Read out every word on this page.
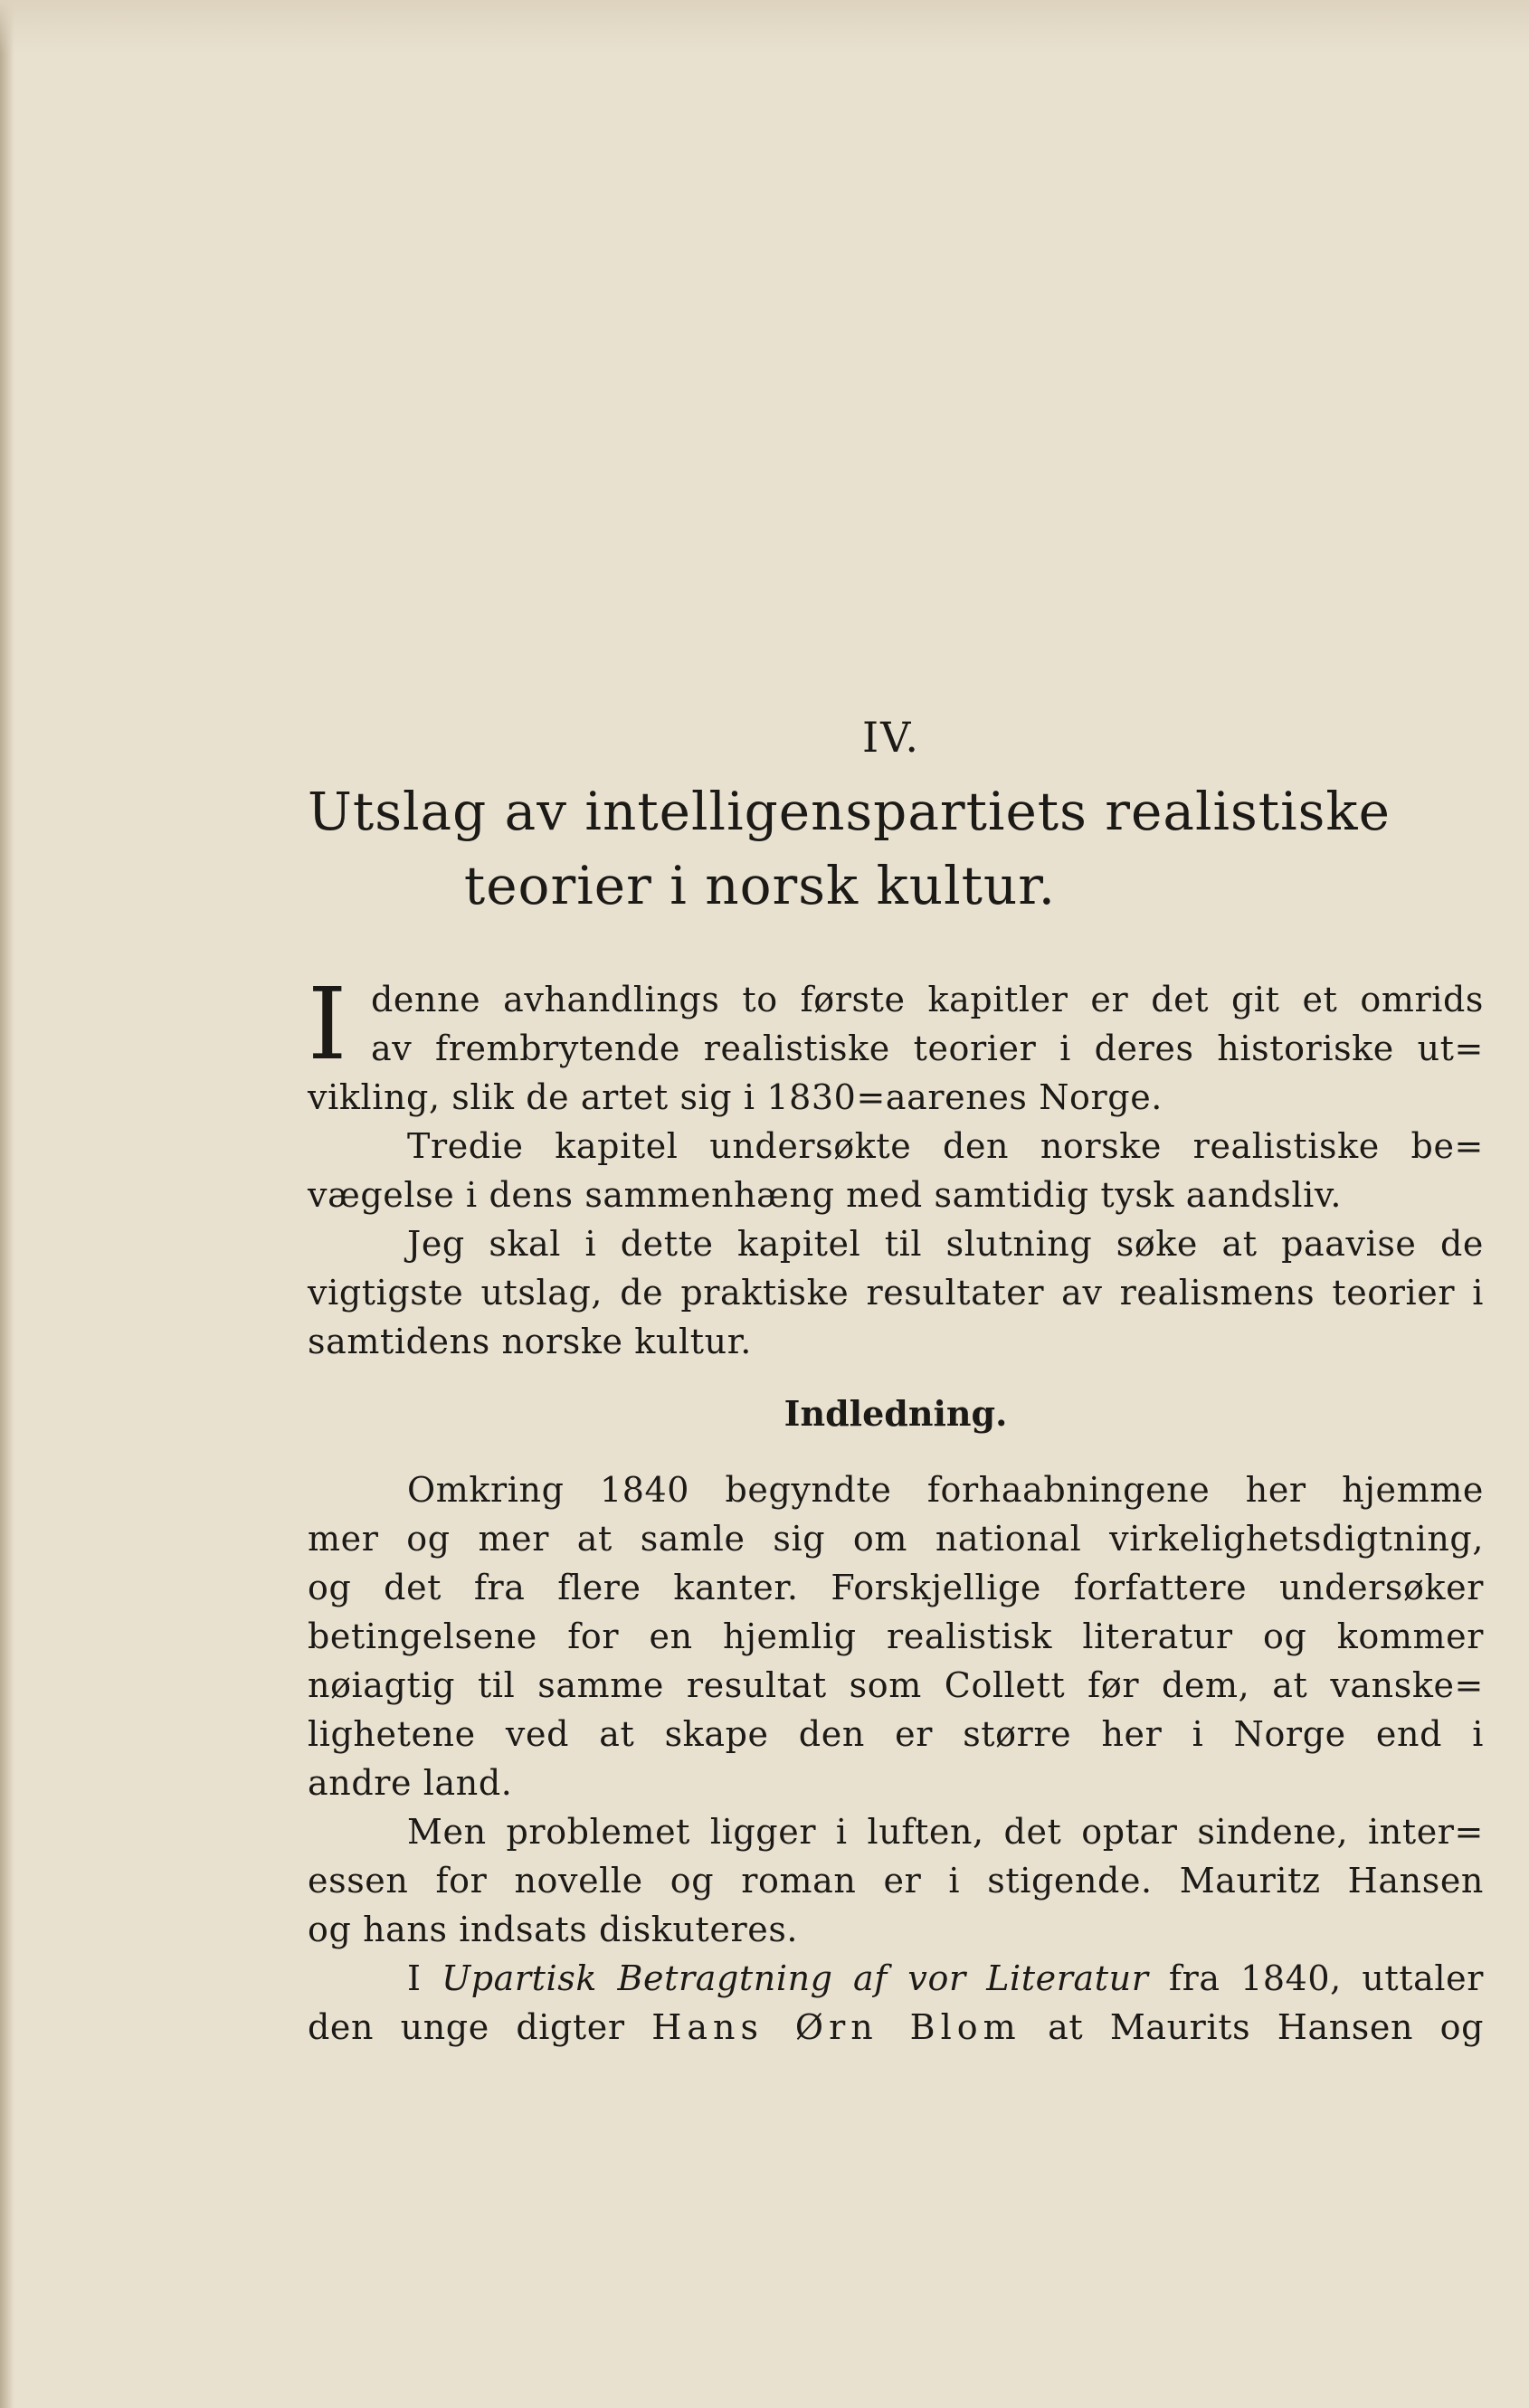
IV.
Utslag av intelligenspartiets realistiske
teorier i norsk kultur.
I denne avhandlings to første kapitler er det git et omrids
av frembrytende realistiske teorier i deres historiske ut=
vikling, slik de artet sig i 1830=aarenes Norge.
Tredie kapitel undersøkte den norske realistiske be=
vægelse i dens sammenhæng med samtidig tysk aandsliv.
Jeg skal i dette kapitel til slutning søke at paavise de
vigtigste utslag, de praktiske resultater av realismens teorier i
samtidens norske kultur.
Indledning.
Omkring 1840 begyndte forhaabningene her hjemme
mer og mer at samle sig om national virkelighetsdigtning,
og det fra flere kanter. Forskjellige forfattere undersøker
betingelsene for en hjemlig realistisk literatur og kommer
nøiagtig til samme resultat som Collett før dem, at vanske=
lighetene ved at skape den er større her i Norge end i
andre land.
Men problemet ligger i luften, det optar sindene, inter=
essen for novelle og roman er i stigende. Mauritz Hansen
og hans indsats diskuteres.
I Upartisk Betragtning af vor Literatur fra 1840, uttaler
den unge digter Hans Ørn Blom at Maurits Hansen og
